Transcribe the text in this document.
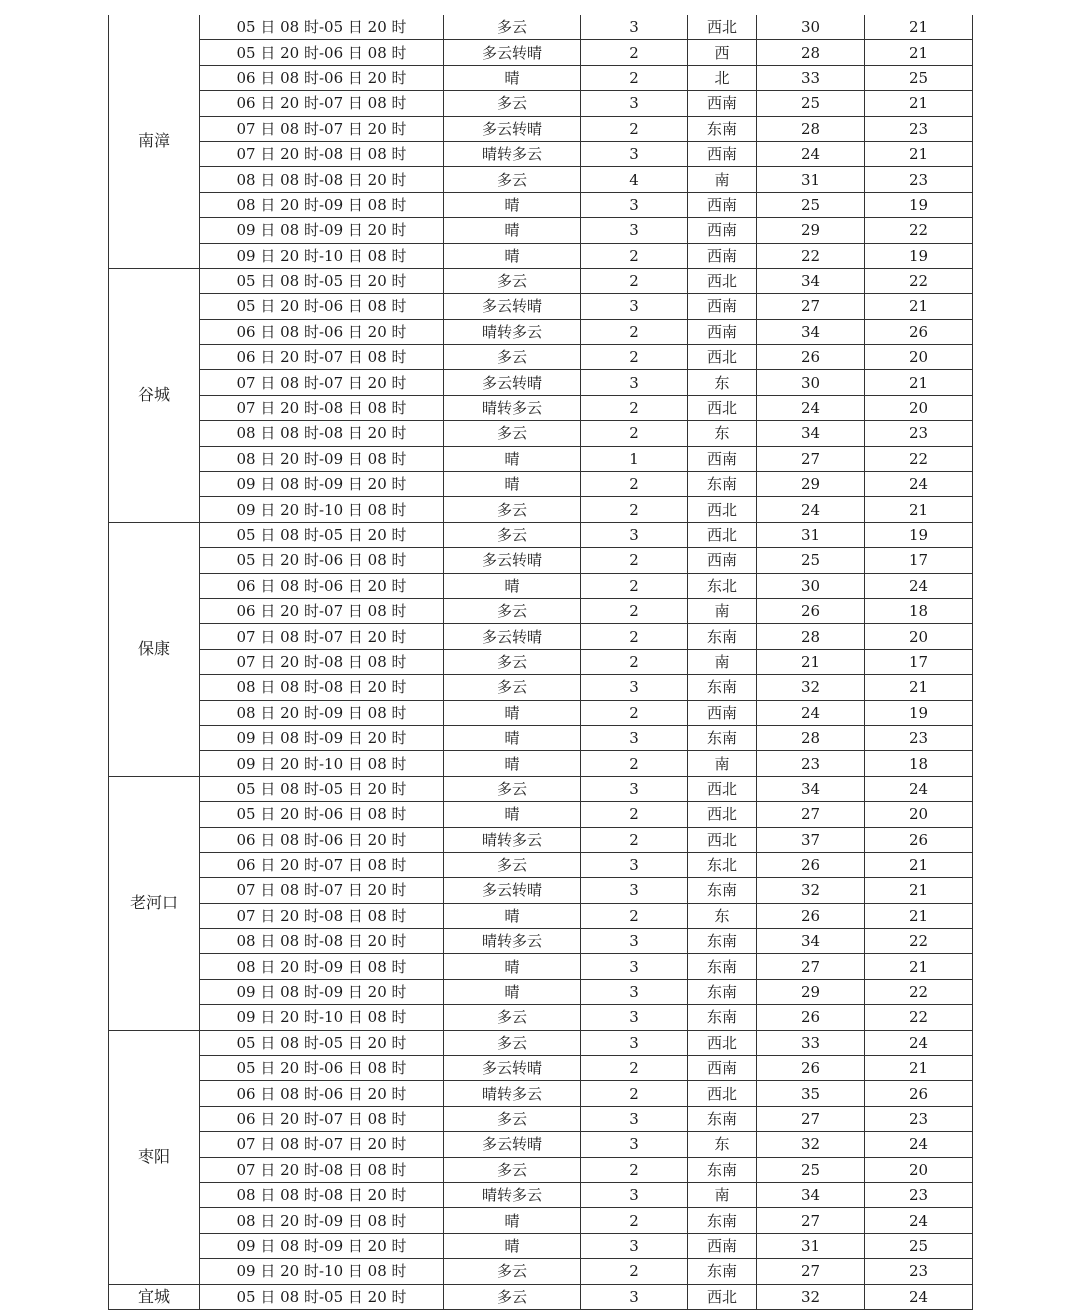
南漳	05 日 08 时-05 日 20 时	多云	3	西北	30	21
	05 日 20 时-06 日 08 时	多云转晴	2	西	28	21
	06 日 08 时-06 日 20 时	晴	2	北	33	25
	06 日 20 时-07 日 08 时	多云	3	西南	25	21
	07 日 08 时-07 日 20 时	多云转晴	2	东南	28	23
	07 日 20 时-08 日 08 时	晴转多云	3	西南	24	21
	08 日 08 时-08 日 20 时	多云	4	南	31	23
	08 日 20 时-09 日 08 时	晴	3	西南	25	19
	09 日 08 时-09 日 20 时	晴	3	西南	29	22
	09 日 20 时-10 日 08 时	晴	2	西南	22	19
谷城	05 日 08 时-05 日 20 时	多云	2	西北	34	22
	05 日 20 时-06 日 08 时	多云转晴	3	西南	27	21
	06 日 08 时-06 日 20 时	晴转多云	2	西南	34	26
	06 日 20 时-07 日 08 时	多云	2	西北	26	20
	07 日 08 时-07 日 20 时	多云转晴	3	东	30	21
	07 日 20 时-08 日 08 时	晴转多云	2	西北	24	20
	08 日 08 时-08 日 20 时	多云	2	东	34	23
	08 日 20 时-09 日 08 时	晴	1	西南	27	22
	09 日 08 时-09 日 20 时	晴	2	东南	29	24
	09 日 20 时-10 日 08 时	多云	2	西北	24	21
保康	05 日 08 时-05 日 20 时	多云	3	西北	31	19
	05 日 20 时-06 日 08 时	多云转晴	2	西南	25	17
	06 日 08 时-06 日 20 时	晴	2	东北	30	24
	06 日 20 时-07 日 08 时	多云	2	南	26	18
	07 日 08 时-07 日 20 时	多云转晴	2	东南	28	20
	07 日 20 时-08 日 08 时	多云	2	南	21	17
	08 日 08 时-08 日 20 时	多云	3	东南	32	21
	08 日 20 时-09 日 08 时	晴	2	西南	24	19
	09 日 08 时-09 日 20 时	晴	3	东南	28	23
	09 日 20 时-10 日 08 时	晴	2	南	23	18
老河口	05 日 08 时-05 日 20 时	多云	3	西北	34	24
	05 日 20 时-06 日 08 时	晴	2	西北	27	20
	06 日 08 时-06 日 20 时	晴转多云	2	西北	37	26
	06 日 20 时-07 日 08 时	多云	3	东北	26	21
	07 日 08 时-07 日 20 时	多云转晴	3	东南	32	21
	07 日 20 时-08 日 08 时	晴	2	东	26	21
	08 日 08 时-08 日 20 时	晴转多云	3	东南	34	22
	08 日 20 时-09 日 08 时	晴	3	东南	27	21
	09 日 08 时-09 日 20 时	晴	3	东南	29	22
	09 日 20 时-10 日 08 时	多云	3	东南	26	22
枣阳	05 日 08 时-05 日 20 时	多云	3	西北	33	24
	05 日 20 时-06 日 08 时	多云转晴	2	西南	26	21
	06 日 08 时-06 日 20 时	晴转多云	2	西北	35	26
	06 日 20 时-07 日 08 时	多云	3	东南	27	23
	07 日 08 时-07 日 20 时	多云转晴	3	东	32	24
	07 日 20 时-08 日 08 时	多云	2	东南	25	20
	08 日 08 时-08 日 20 时	晴转多云	3	南	34	23
	08 日 20 时-09 日 08 时	晴	2	东南	27	24
	09 日 08 时-09 日 20 时	晴	3	西南	31	25
	09 日 20 时-10 日 08 时	多云	2	东南	27	23
宜城	05 日 08 时-05 日 20 时	多云	3	西北	32	24
